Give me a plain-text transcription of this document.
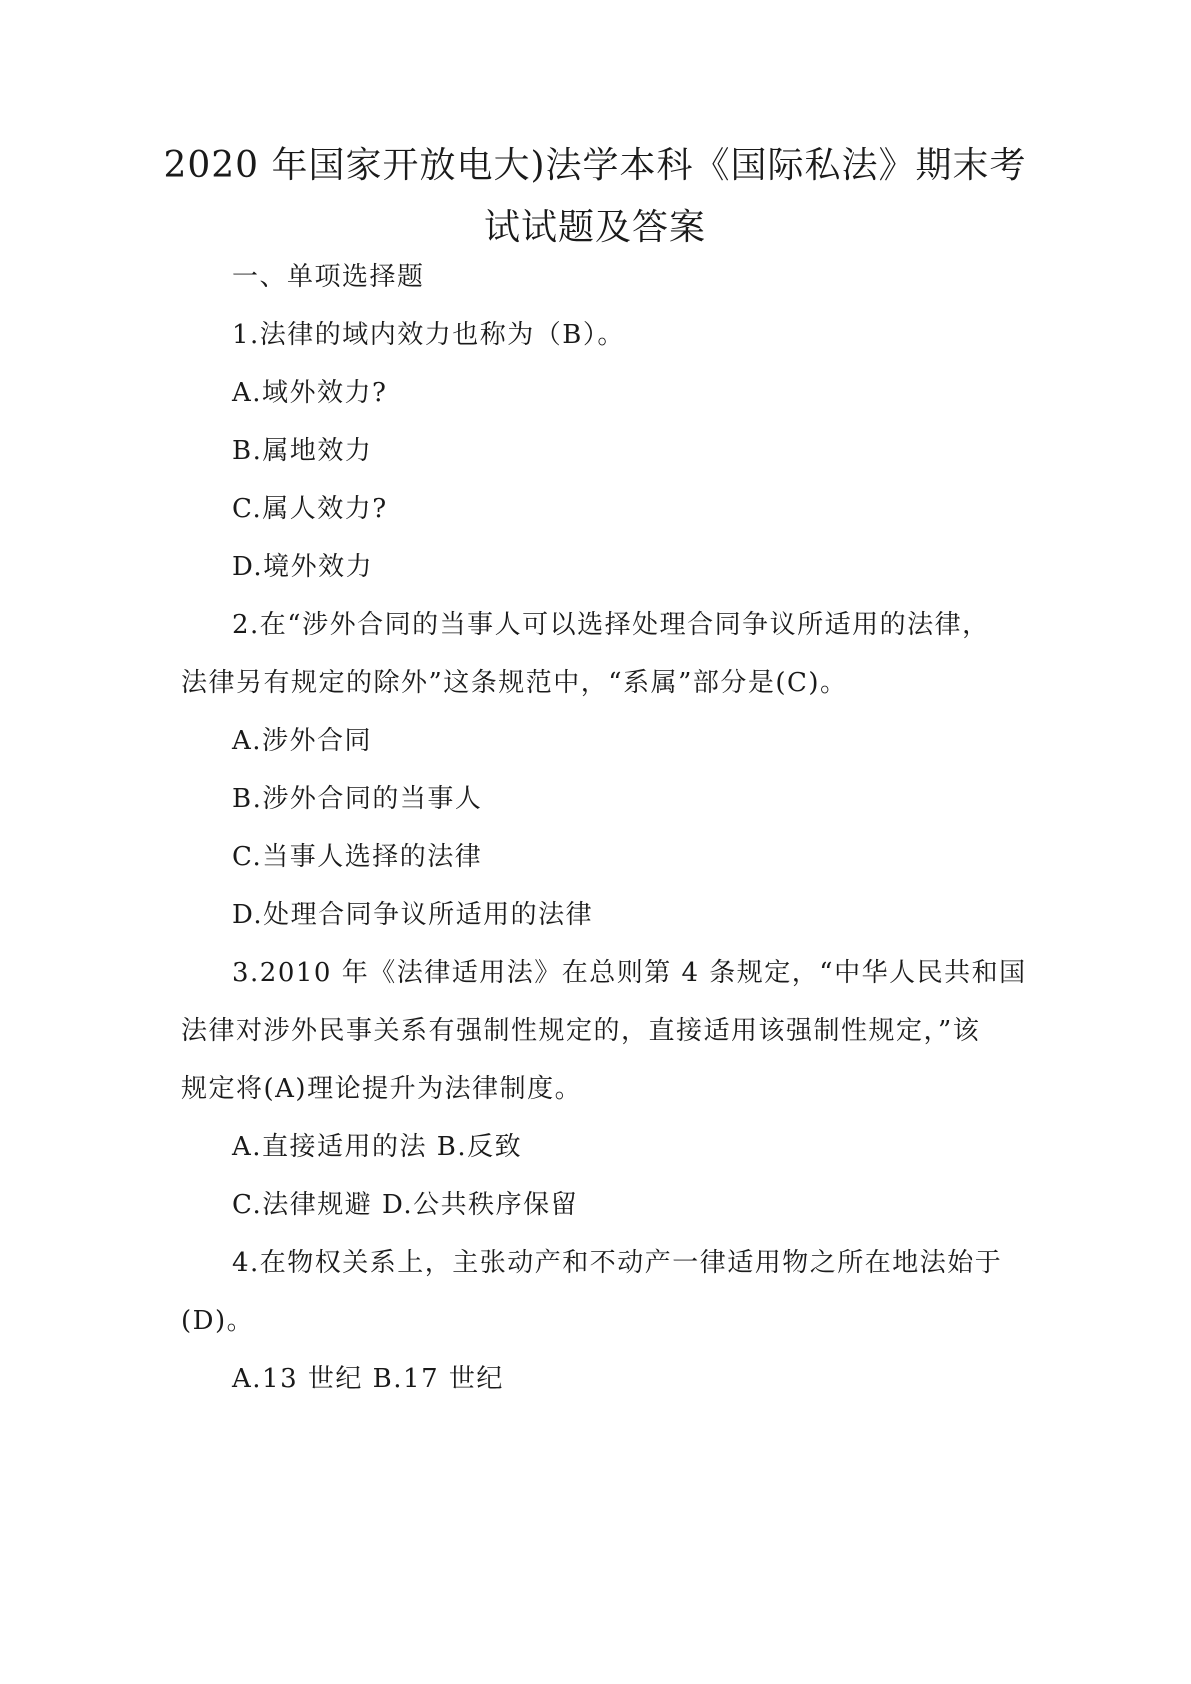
2020 年国家开放电大)法学本科《国际私法》期末考
试试题及答案
一、单项选择题
1.法律的域内效力也称为（B）。
A.域外效力?
B.属地效力
C.属人效力?
D.境外效力
2.在“涉外合同的当事人可以选择处理合同争议所适用的法律，
法律另有规定的除外”这条规范中，“系属”部分是(C)。
A.涉外合同
B.涉外合同的当事人
C.当事人选择的法律
D.处理合同争议所适用的法律
3.2010 年《法律适用法》在总则第 4 条规定，“中华人民共和国
法律对涉外民事关系有强制性规定的，直接适用该强制性规定，”该
规定将(A)理论提升为法律制度。
A.直接适用的法 B.反致
C.法律规避 D.公共秩序保留
4.在物权关系上，主张动产和不动产一律适用物之所在地法始于
(D)。
A.13 世纪 B.17 世纪
